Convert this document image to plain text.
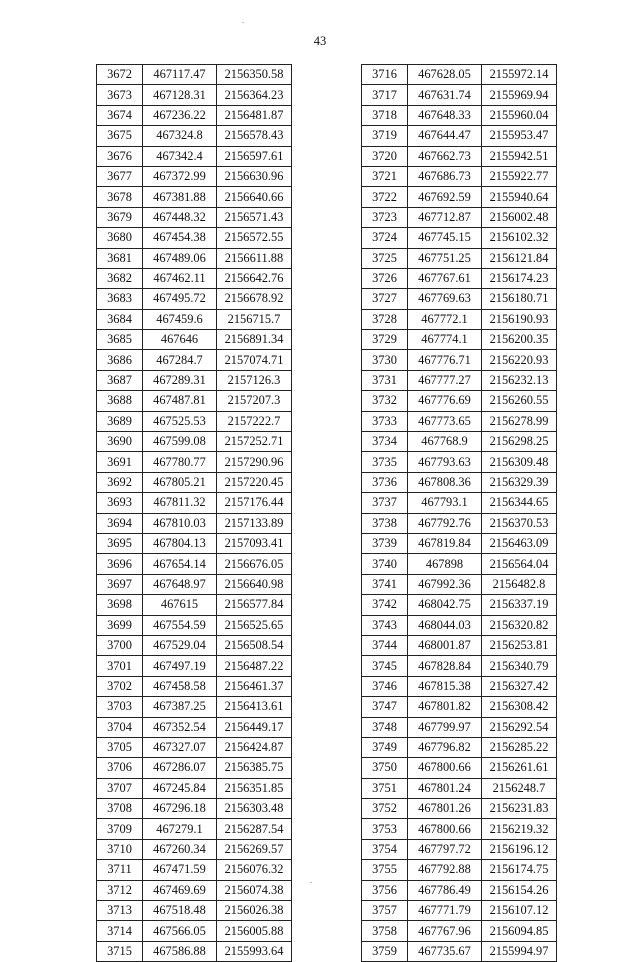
43
3672	467117.47	2156350.58
3673	467128.31	2156364.23
3674	467236.22	2156481.87
3675	467324.8	2156578.43
3676	467342.4	2156597.61
3677	467372.99	2156630.96
3678	467381.88	2156640.66
3679	467448.32	2156571.43
3680	467454.38	2156572.55
3681	467489.06	2156611.88
3682	467462.11	2156642.76
3683	467495.72	2156678.92
3684	467459.6	2156715.7
3685	467646	2156891.34
3686	467284.7	2157074.71
3687	467289.31	2157126.3
3688	467487.81	2157207.3
3689	467525.53	2157222.7
3690	467599.08	2157252.71
3691	467780.77	2157290.96
3692	467805.21	2157220.45
3693	467811.32	2157176.44
3694	467810.03	2157133.89
3695	467804.13	2157093.41
3696	467654.14	2156676.05
3697	467648.97	2156640.98
3698	467615	2156577.84
3699	467554.59	2156525.65
3700	467529.04	2156508.54
3701	467497.19	2156487.22
3702	467458.58	2156461.37
3703	467387.25	2156413.61
3704	467352.54	2156449.17
3705	467327.07	2156424.87
3706	467286.07	2156385.75
3707	467245.84	2156351.85
3708	467296.18	2156303.48
3709	467279.1	2156287.54
3710	467260.34	2156269.57
3711	467471.59	2156076.32
3712	467469.69	2156074.38
3713	467518.48	2156026.38
3714	467566.05	2156005.88
3715	467586.88	2155993.64
3716	467628.05	2155972.14
3717	467631.74	2155969.94
3718	467648.33	2155960.04
3719	467644.47	2155953.47
3720	467662.73	2155942.51
3721	467686.73	2155922.77
3722	467692.59	2155940.64
3723	467712.87	2156002.48
3724	467745.15	2156102.32
3725	467751.25	2156121.84
3726	467767.61	2156174.23
3727	467769.63	2156180.71
3728	467772.1	2156190.93
3729	467774.1	2156200.35
3730	467776.71	2156220.93
3731	467777.27	2156232.13
3732	467776.69	2156260.55
3733	467773.65	2156278.99
3734	467768.9	2156298.25
3735	467793.63	2156309.48
3736	467808.36	2156329.39
3737	467793.1	2156344.65
3738	467792.76	2156370.53
3739	467819.84	2156463.09
3740	467898	2156564.04
3741	467992.36	2156482.8
3742	468042.75	2156337.19
3743	468044.03	2156320.82
3744	468001.87	2156253.81
3745	467828.84	2156340.79
3746	467815.38	2156327.42
3747	467801.82	2156308.42
3748	467799.97	2156292.54
3749	467796.82	2156285.22
3750	467800.66	2156261.61
3751	467801.24	2156248.7
3752	467801.26	2156231.83
3753	467800.66	2156219.32
3754	467797.72	2156196.12
3755	467792.88	2156174.75
3756	467786.49	2156154.26
3757	467771.79	2156107.12
3758	467767.96	2156094.85
3759	467735.67	2155994.97
